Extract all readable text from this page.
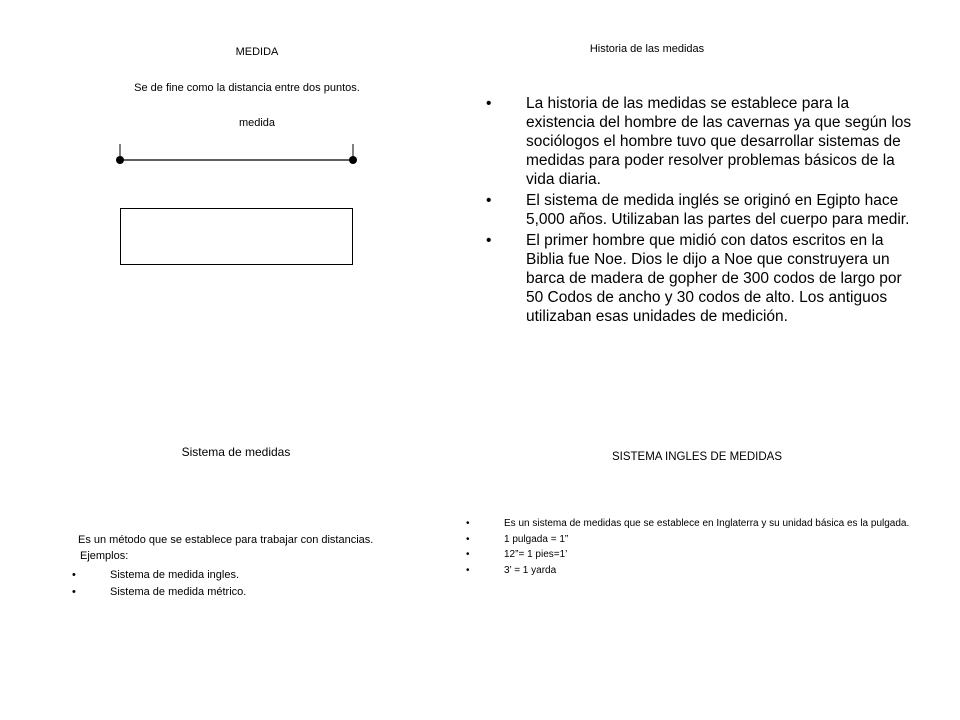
MEDIDA
Se de fine como la distancia entre dos puntos.
medida
Historia de las medidas
• La historia de las medidas se establece para la existencia del hombre de las cavernas ya que según los sociólogos el hombre tuvo que desarrollar sistemas de medidas para poder resolver problemas básicos de la vida diaria.
• El sistema de medida inglés se originó en Egipto hace 5,000 años. Utilizaban las partes del cuerpo para medir.
• El primer hombre que midió con datos escritos en la Biblia fue Noe. Dios le dijo a Noe que construyera un barca de madera de gopher de 300 codos de largo por 50 Codos de ancho y 30 codos de alto. Los antiguos utilizaban esas unidades de medición.
Sistema de medidas
Es un método que se establece para trabajar con distancias.
Ejemplos:
•	Sistema de medida ingles.
•	Sistema de medida métrico.
SISTEMA INGLES DE MEDIDAS
•	Es un sistema de medidas que se establece en Inglaterra y su unidad básica es la pulgada.
•	1 pulgada = 1”
•	12”= 1 pies=1’
•	3’ = 1 yarda
